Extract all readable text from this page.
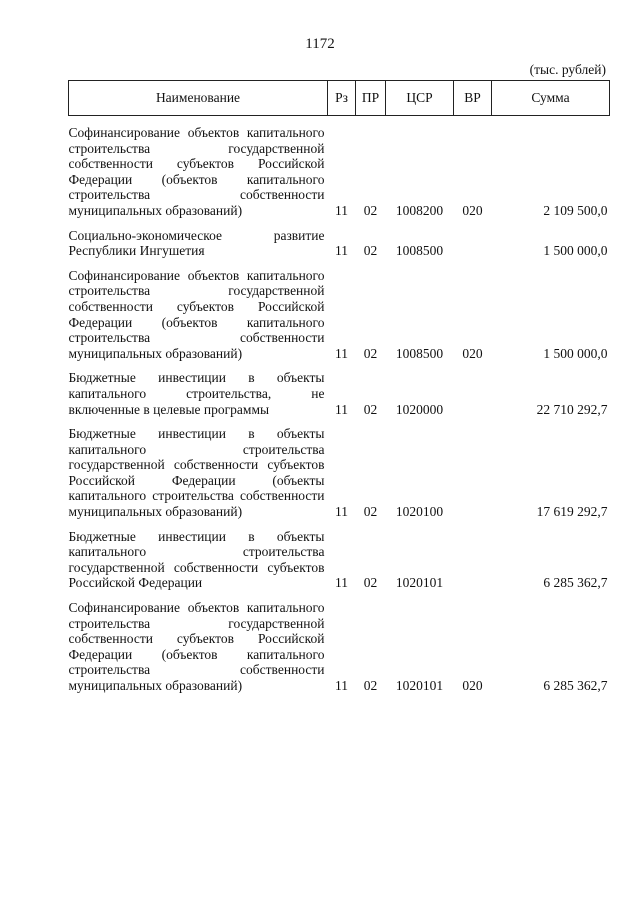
1172
(тыс. рублей)
Наименование	Рз	ПР	ЦСР	ВР	Сумма
Софинансирование объектов капитального строительства государственной собственности субъектов Российской Федерации (объектов капитального строительства собственности муниципальных образований)	11	02	1008200	020	2 109 500,0
Социально-экономическое развитие Республики Ингушетия	11	02	1008500		1 500 000,0
Софинансирование объектов капитального строительства государственной собственности субъектов Российской Федерации (объектов капитального строительства собственности муниципальных образований)	11	02	1008500	020	1 500 000,0
Бюджетные инвестиции в объекты капитального строительства, не включенные в целевые программы	11	02	1020000		22 710 292,7
Бюджетные инвестиции в объекты капитального строительства государственной собственности субъектов Российской Федерации (объекты капитального строительства собственности муниципальных образований)	11	02	1020100		17 619 292,7
Бюджетные инвестиции в объекты капитального строительства государственной собственности субъектов Российской Федерации	11	02	1020101		6 285 362,7
Софинансирование объектов капитального строительства государственной собственности субъектов Российской Федерации (объектов капитального строительства собственности муниципальных образований)	11	02	1020101	020	6 285 362,7
